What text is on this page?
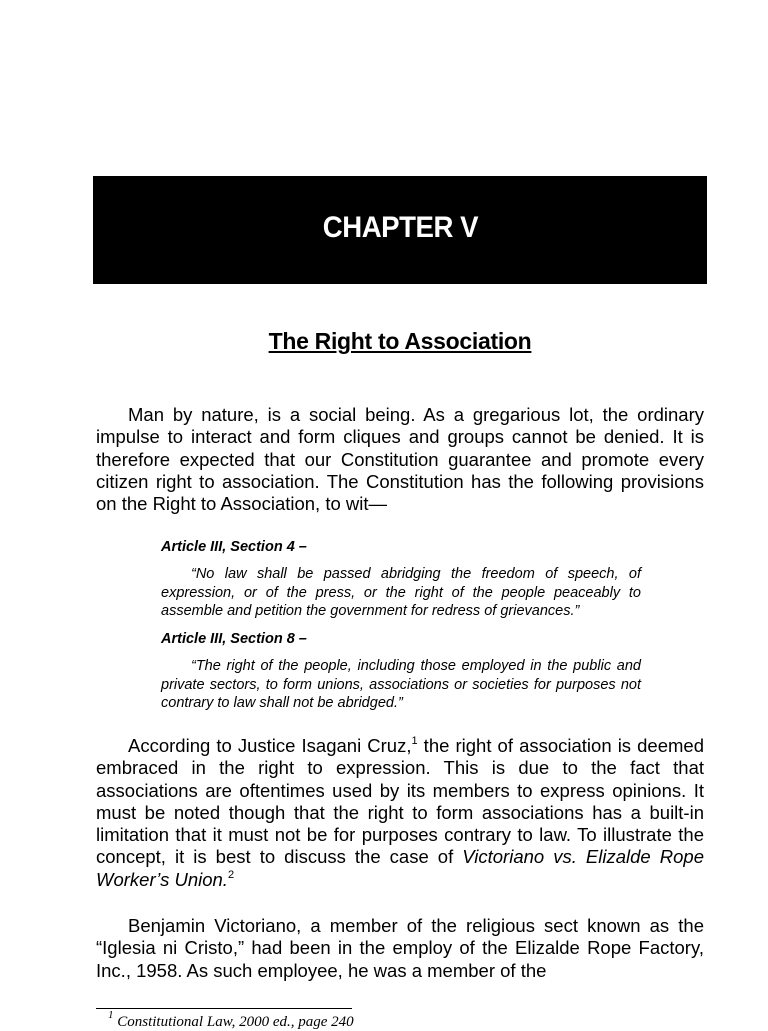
CHAPTER V
The Right to Association

Man by nature, is a social being. As a gregarious lot, the ordinary impulse to interact and form cliques and groups cannot be denied. It is therefore expected that our Constitution guarantee and promote every citizen right to association. The Constitution has the following provisions on the Right to Association, to wit—

Article III, Section 4 –

“No law shall be passed abridging the freedom of speech, of expression, or of the press, or the right of the people peaceably to assemble and petition the government for redress of grievances.”

Article III, Section 8 –

“The right of the people, including those employed in the public and private sectors, to form unions, associations or societies for purposes not contrary to law shall not be abridged.”

According to Justice Isagani Cruz,$^1$ the right of association is deemed embraced in the right to expression. This is due to the fact that associations are oftentimes used by its members to express opinions. It must be noted though that the right to form associations has a built-in limitation that it must not be for purposes contrary to law. To illustrate the concept, it is best to discuss the case of Victoriano vs. Elizalde Rope Worker’s Union.$^2$

Benjamin Victoriano, a member of the religious sect known as the “Iglesia ni Cristo,” had been in the employ of the Elizalde Rope Factory, Inc., 1958. As such employee, he was a member of the

$^1$ Constitutional Law, 2000 ed., page 240
